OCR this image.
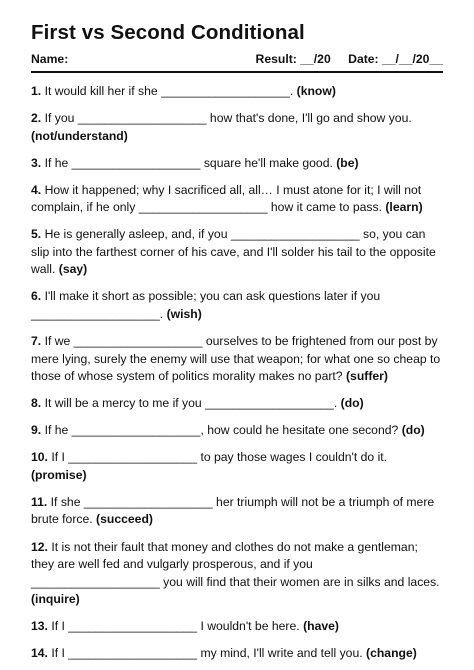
First vs Second Conditional
Name:	Result: __/20 Date: __/__/20__

1. It would kill her if she ___________________. (know)

2. If you ___________________ how that's done, I'll go and show you. (not/understand)

3. If he ___________________ square he'll make good. (be)

4. How it happened; why I sacrificed all, all… I must atone for it; I will not complain, if he only ___________________ how it came to pass. (learn)

5. He is generally asleep, and, if you ___________________ so, you can slip into the farthest corner of his cave, and I'll solder his tail to the opposite wall. (say)

6. I'll make it short as possible; you can ask questions later if you ___________________. (wish)

7. If we ___________________ ourselves to be frightened from our post by mere lying, surely the enemy will use that weapon; for what one so cheap to those of whose system of politics morality makes no part? (suffer)

8. It will be a mercy to me if you ___________________. (do)

9. If he ___________________, how could he hesitate one second? (do)

10. If I ___________________ to pay those wages I couldn't do it. (promise)

11. If she ___________________ her triumph will not be a triumph of mere brute force. (succeed)

12. It is not their fault that money and clothes do not make a gentleman; they are well fed and vulgarly prosperous, and if you ___________________ you will find that their women are in silks and laces. (inquire)

13. If I ___________________ I wouldn't be here. (have)

14. If I ___________________ my mind, I'll write and tell you. (change)
